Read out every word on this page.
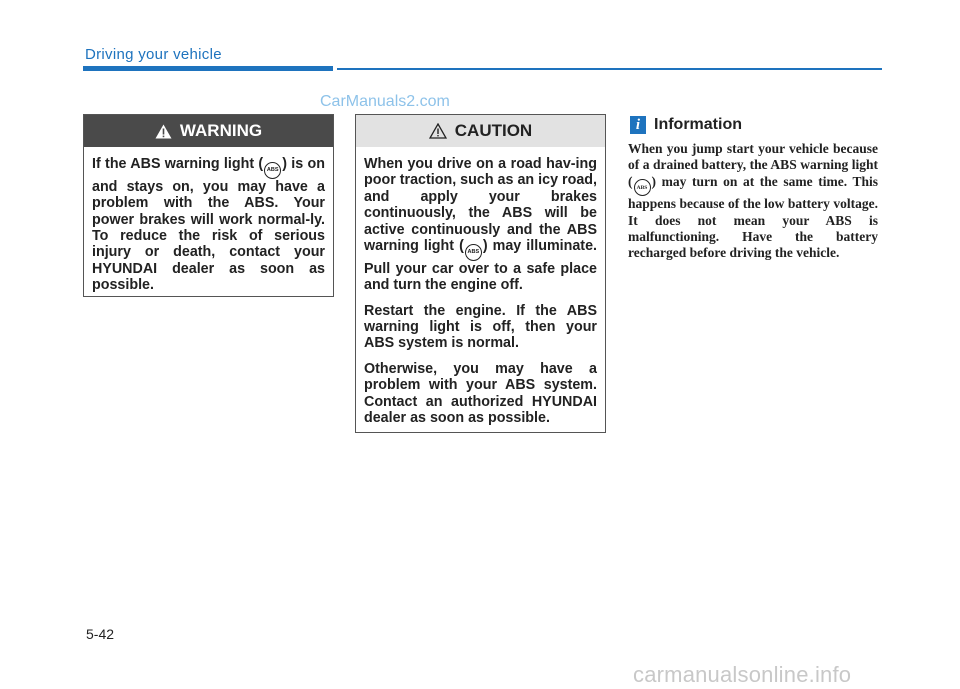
Driving your vehicle
CarManuals2.com
WARNING

If the ABS warning light ( ABS ) is on and stays on, you may have a problem with the ABS. Your power brakes will work normal-ly. To reduce the risk of serious injury or death, contact your HYUNDAI dealer as soon as possible.

CAUTION

When you drive on a road hav-ing poor traction, such as an icy road, and apply your brakes continuously, the ABS will be active continuously and the ABS warning light ( ABS ) may illuminate. Pull your car over to a safe place and turn the engine off.

Restart the engine. If the ABS warning light is off, then your ABS system is normal.

Otherwise, you may have a problem with your ABS system. Contact an authorized HYUNDAI dealer as soon as possible.

i Information
When you jump start your vehicle because of a drained battery, the ABS warning light ( ABS ) may turn on at the same time. This happens because of the low battery voltage. It does not mean your ABS is malfunctioning. Have the battery recharged before driving the vehicle.
5-42
carmanualsonline.info
